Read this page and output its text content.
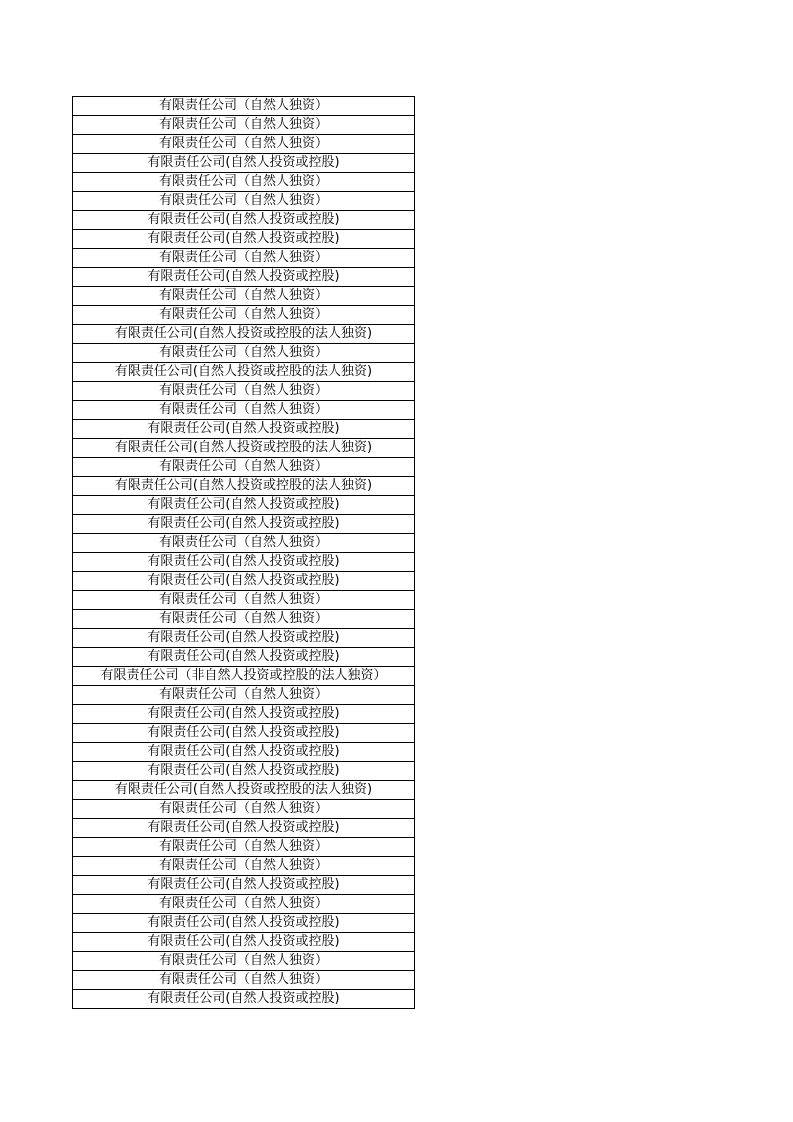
有限责任公司（自然人独资）
有限责任公司（自然人独资）
有限责任公司（自然人独资）
有限责任公司(自然人投资或控股)
有限责任公司（自然人独资）
有限责任公司（自然人独资）
有限责任公司(自然人投资或控股)
有限责任公司(自然人投资或控股)
有限责任公司（自然人独资）
有限责任公司(自然人投资或控股)
有限责任公司（自然人独资）
有限责任公司（自然人独资）
有限责任公司(自然人投资或控股的法人独资)
有限责任公司（自然人独资）
有限责任公司(自然人投资或控股的法人独资)
有限责任公司（自然人独资）
有限责任公司（自然人独资）
有限责任公司(自然人投资或控股)
有限责任公司(自然人投资或控股的法人独资)
有限责任公司（自然人独资）
有限责任公司(自然人投资或控股的法人独资)
有限责任公司(自然人投资或控股)
有限责任公司(自然人投资或控股)
有限责任公司（自然人独资）
有限责任公司(自然人投资或控股)
有限责任公司(自然人投资或控股)
有限责任公司（自然人独资）
有限责任公司（自然人独资）
有限责任公司(自然人投资或控股)
有限责任公司(自然人投资或控股)
有限责任公司（非自然人投资或控股的法人独资）
有限责任公司（自然人独资）
有限责任公司(自然人投资或控股)
有限责任公司(自然人投资或控股)
有限责任公司(自然人投资或控股)
有限责任公司(自然人投资或控股)
有限责任公司(自然人投资或控股的法人独资)
有限责任公司（自然人独资）
有限责任公司(自然人投资或控股)
有限责任公司（自然人独资）
有限责任公司（自然人独资）
有限责任公司(自然人投资或控股)
有限责任公司（自然人独资）
有限责任公司(自然人投资或控股)
有限责任公司(自然人投资或控股)
有限责任公司（自然人独资）
有限责任公司（自然人独资）
有限责任公司(自然人投资或控股)
